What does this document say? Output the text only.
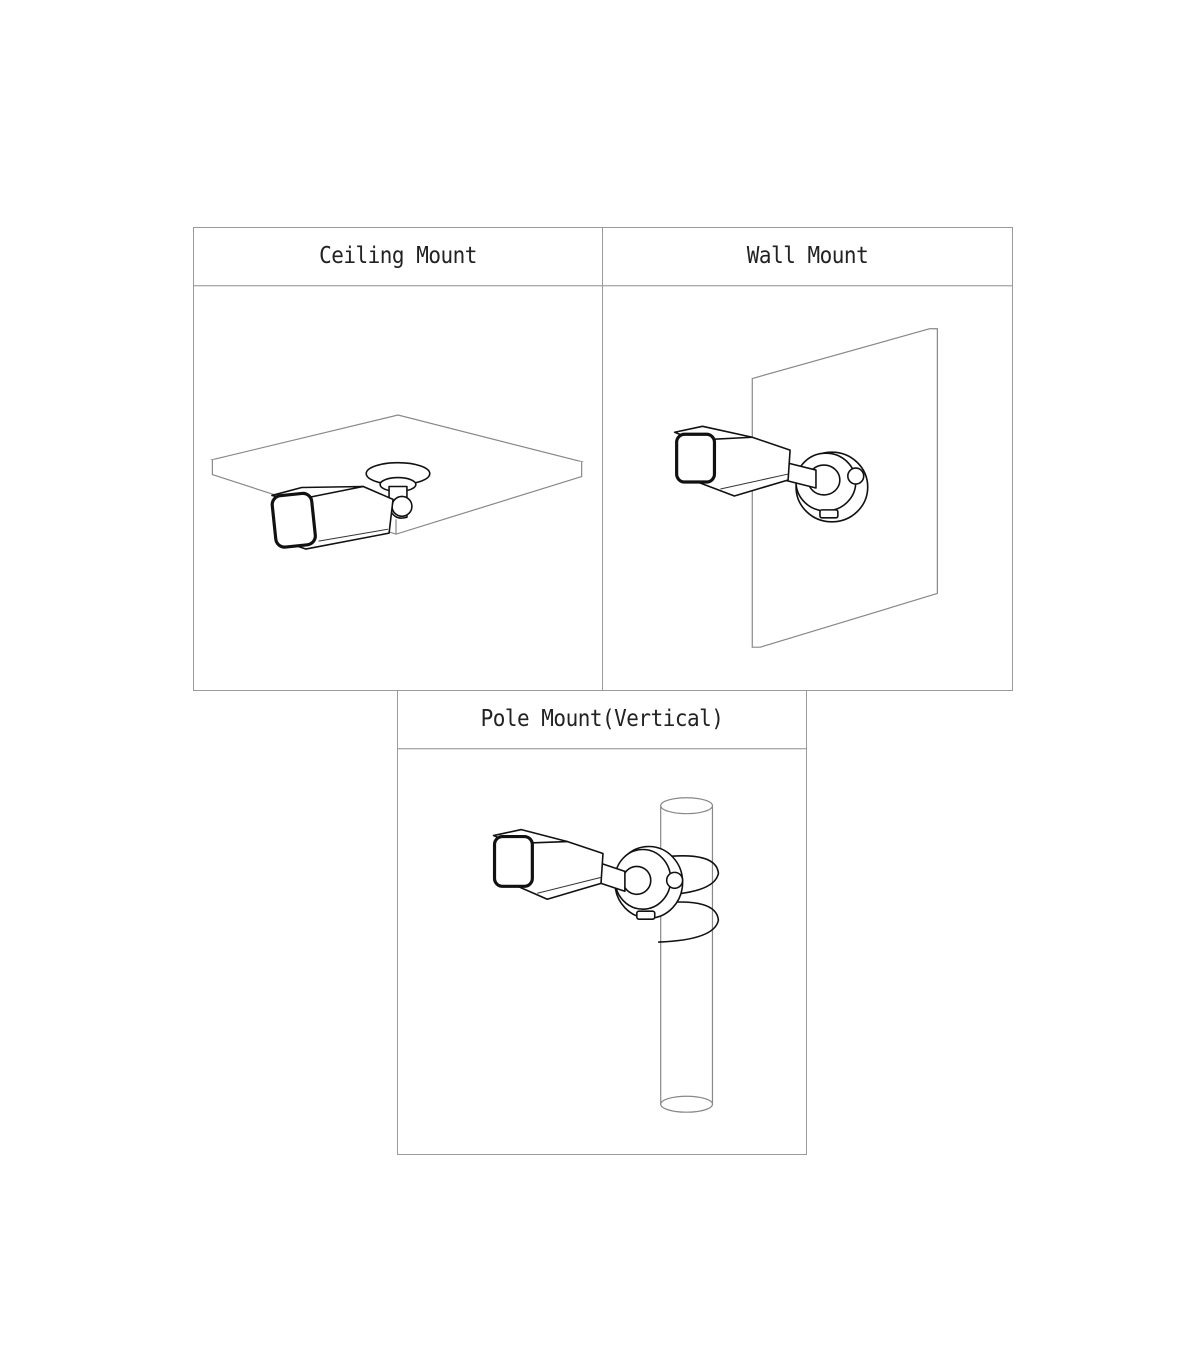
Ceiling Mount	Wall Mount
Pole Mount(Vertical)
